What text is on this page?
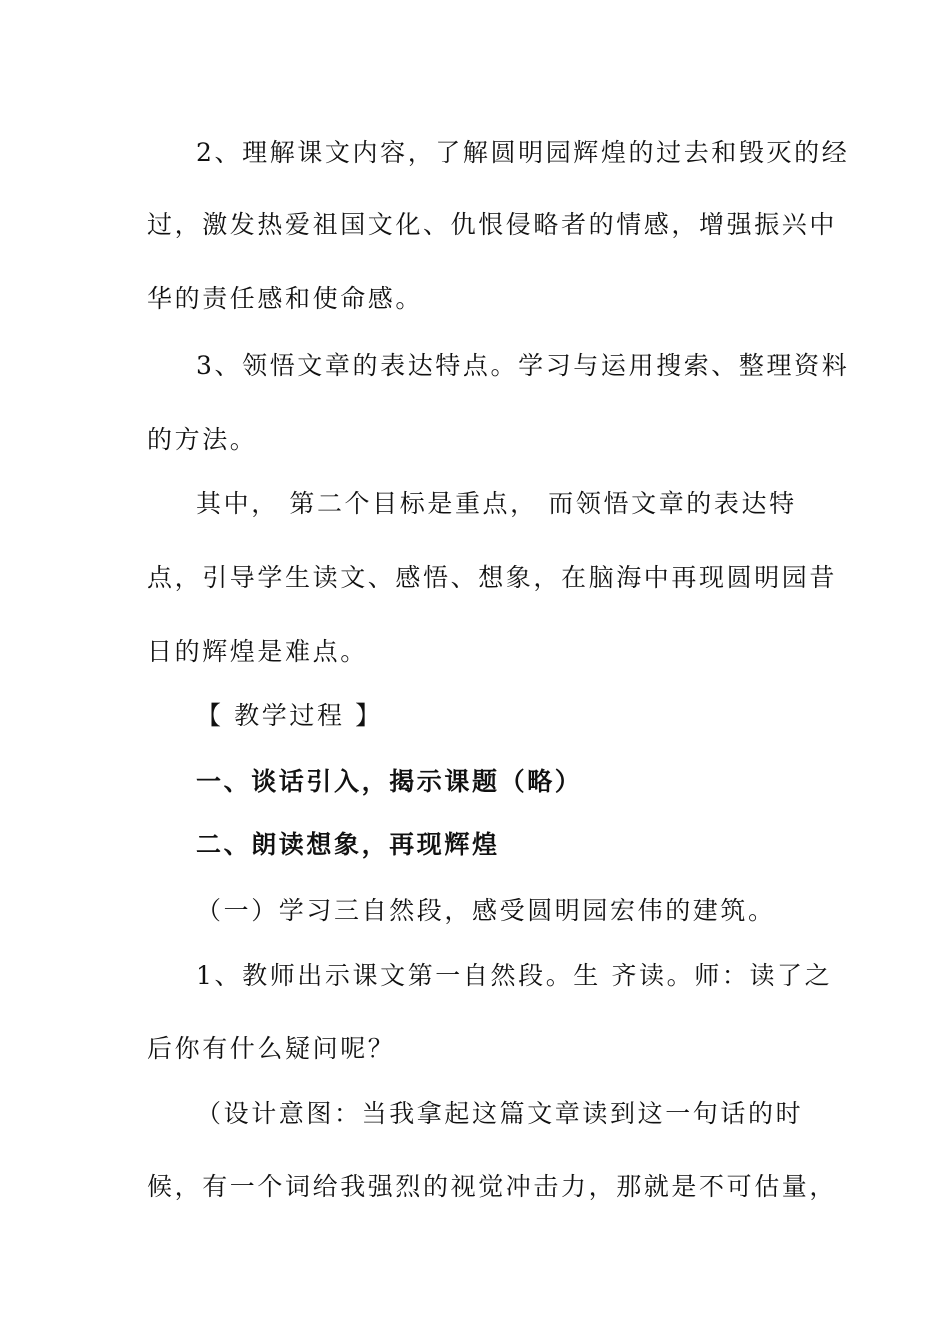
2、理解课文内容，了解圆明园辉煌的过去和毁灭的经
过，激发热爱祖国文化、仇恨侵略者的情感，增强振兴中
华的责任感和使命感。
3、领悟文章的表达特点。学习与运用搜索、整理资料
的方法。
其中， 第二个目标是重点， 而领悟文章的表达特
点，引导学生读文、感悟、想象，在脑海中再现圆明园昔
日的辉煌是难点。
【 教学过程 】
一、谈话引入，揭示课题（略）
二、朗读想象，再现辉煌
（一）学习三自然段，感受圆明园宏伟的建筑。
1、教师出示课文第一自然段。生 齐读。师：读了之
后你有什么疑问呢？
（设计意图：当我拿起这篇文章读到这一句话的时
候，有一个词给我强烈的视觉冲击力，那就是不可估量，
